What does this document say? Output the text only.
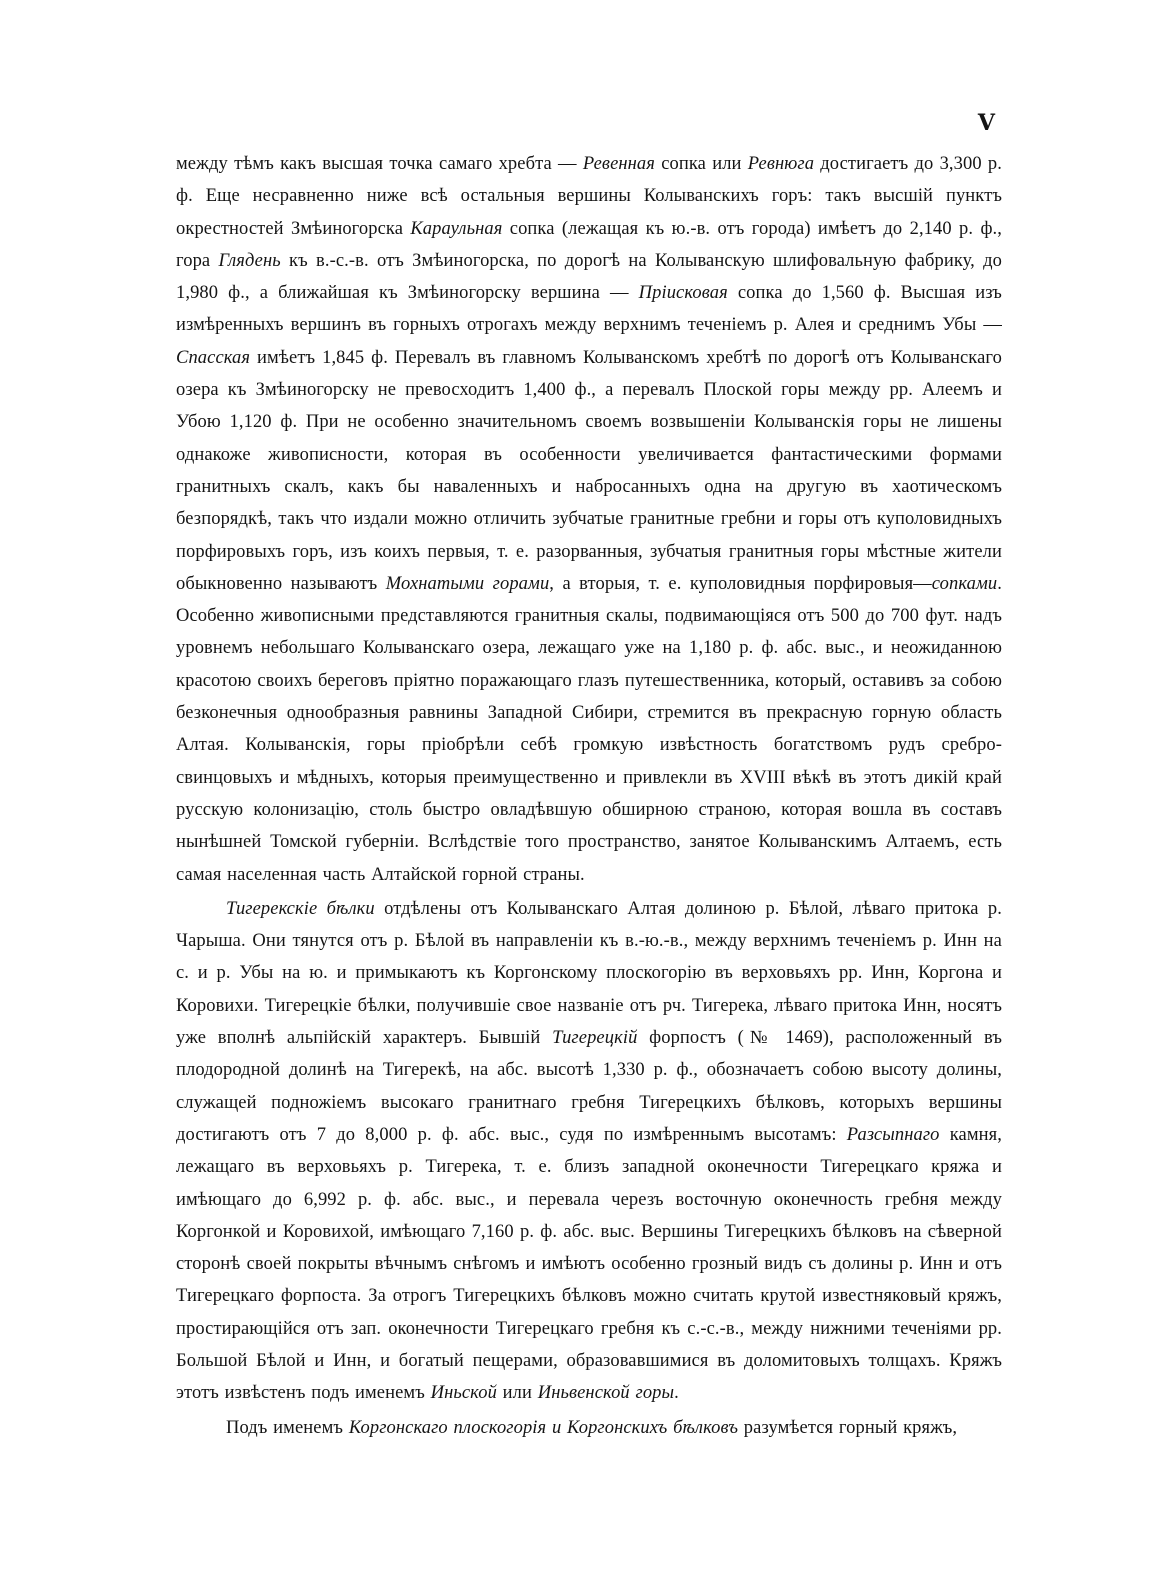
V

между тѣмъ какъ высшая точка самаго хребта — Ревенная сопка или Ревнюга достигаетъ до 3,300 р. ф. Еще несравненно ниже всѣ остальныя вершины Колыванскихъ горъ: такъ высшій пунктъ окрестностей Змѣиногорска Караульная сопка (лежащая къ ю.-в. отъ города) имѣетъ до 2,140 р. ф., гора Глядень къ в.-с.-в. отъ Змѣиногорска, по дорогѣ на Колыванскую шлифовальную фабрику, до 1,980 ф., а ближайшая къ Змѣиногорску вершина — Пріисковая сопка до 1,560 ф. Высшая изъ измѣренныхъ вершинъ въ горныхъ отрогахъ между верхнимъ теченіемъ р. Алея и среднимъ Убы — Спасская имѣетъ 1,845 ф. Перевалъ въ главномъ Колыванскомъ хребтѣ по дорогѣ отъ Колыванскаго озера къ Змѣиногорску не превосходитъ 1,400 ф., а перевалъ Плоской горы между рр. Алеемъ и Убою 1,120 ф. При не особенно значительномъ своемъ возвышеніи Колыванскія горы не лишены однакоже живописности, которая въ особенности увеличивается фантастическими формами гранитныхъ скалъ, какъ бы наваленныхъ и набросанныхъ одна на другую въ хаотическомъ безпорядкѣ, такъ что издали можно отличить зубчатые гранитные гребни и горы отъ куполовидныхъ порфировыхъ горъ, изъ коихъ первыя, т. е. разорванныя, зубчатыя гранитныя горы мѣстные жители обыкновенно называютъ Мохнатыми горами, а вторыя, т. е. куполовидныя порфировыя—сопками. Особенно живописными представляются гранитныя скалы, подвимающіяся отъ 500 до 700 фут. надъ уровнемъ небольшаго Колыванскаго озера, лежащаго уже на 1,180 р. ф. абс. выс., и неожиданною красотою своихъ береговъ пріятно поражающаго глазъ путешественника, который, оставивъ за собою безконечныя однообразныя равнины Западной Сибири, стремится въ прекрасную горную область Алтая. Колыванскія, горы пріобрѣли себѣ громкую извѣстность богатствомъ рудъ сребро-свинцовыхъ и мѣдныхъ, которыя преимущественно и привлекли въ XVIII вѣкѣ въ этотъ дикій край русскую колонизацію, столь быстро овладѣвшую обширною страною, которая вошла въ составъ нынѣшней Томской губерніи. Вслѣдствіе того пространство, занятое Колыванскимъ Алтаемъ, есть самая населенная часть Алтайской горной страны.

Тигерекскіе бѣлки отдѣлены отъ Колыванскаго Алтая долиною р. Бѣлой, лѣваго притока р. Чарыша. Они тянутся отъ р. Бѣлой въ направленіи къ в.-ю.-в., между верхнимъ теченіемъ р. Инн на с. и р. Убы на ю. и примыкаютъ къ Коргонскому плоскогорію въ верховьяхъ рр. Инн, Коргона и Коровихи. Тигерецкіе бѣлки, получившіе свое названіе отъ рч. Тигерека, лѣваго притока Инн, носятъ уже вполнѣ альпійскій характеръ. Бывшій Тигерецкій форпостъ (№ 1469), расположенный въ плодородной долинѣ на Тигерекѣ, на абс. высотѣ 1,330 р. ф., обозначаетъ собою высоту долины, служащей подножіемъ высокаго гранитнаго гребня Тигерецкихъ бѣлковъ, которыхъ вершины достигаютъ отъ 7 до 8,000 р. ф. абс. выс., судя по измѣреннымъ высотамъ: Разсыпнаго камня, лежащаго въ верховьяхъ р. Тигерека, т. е. близъ западной оконечности Тигерецкаго кряжа и имѣющаго до 6,992 р. ф. абс. выс., и перевала черезъ восточную оконечность гребня между Коргонкой и Коровихой, имѣющаго 7,160 р. ф. абс. выс. Вершины Тигерецкихъ бѣлковъ на сѣверной сторонѣ своей покрыты вѣчнымъ снѣгомъ и имѣютъ особенно грозный видъ съ долины р. Инн и отъ Тигерецкаго форпоста. За отрогъ Тигерецкихъ бѣлковъ можно считать крутой известняковый кряжъ, простирающійся отъ зап. оконечности Тигерецкаго гребня къ с.-с.-в., между нижними теченіями рр. Большой Бѣлой и Инн, и богатый пещерами, образовавшимися въ доломитовыхъ толщахъ. Кряжъ этотъ извѣстенъ подъ именемъ Иньской или Иньвенской горы.

Подъ именемъ Коргонскаго плоскогорія и Коргонскихъ бѣлковъ разумѣется горный кряжъ,
